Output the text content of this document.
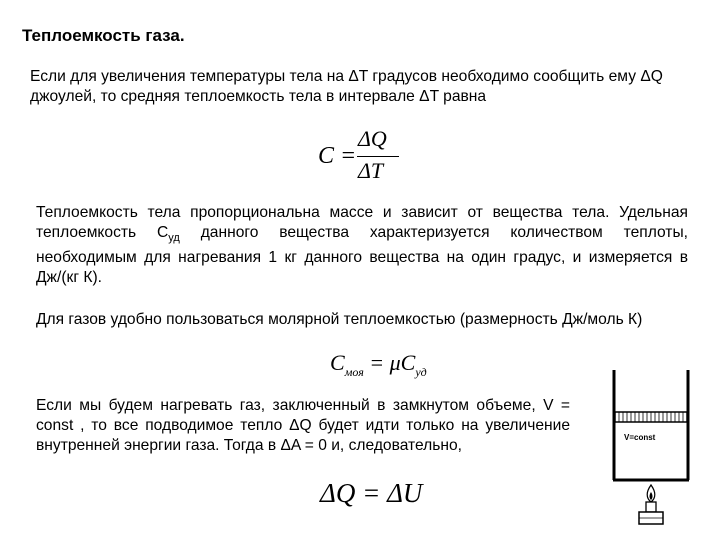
Теплоемкость газа.
Если для увеличения температуры тела на ΔT градусов необходимо сообщить ему ΔQ джоулей, то средняя теплоемкость тела в интервале ΔT равна
C =
ΔQ
ΔT
Теплоемкость тела пропорциональна массе и зависит от вещества тела. Удельная теплоемкость $С_{уд}$ данного вещества характеризуется количеством теплоты, необходимым для нагревания 1 кг данного вещества на один градус, и измеряется в Дж/(кг К).
Для газов удобно пользоваться молярной теплоемкостью (размерность Дж/моль К)
$C_{моя} = \mu C_{уд}$
Если мы будем нагревать газ, заключенный в замкнутом объеме, V = const , то все подводимое тепло ΔQ будет идти только на увеличение внутренней энергии газа. Тогда в ΔA = 0 и, следовательно,
ΔQ = ΔU
V=const
